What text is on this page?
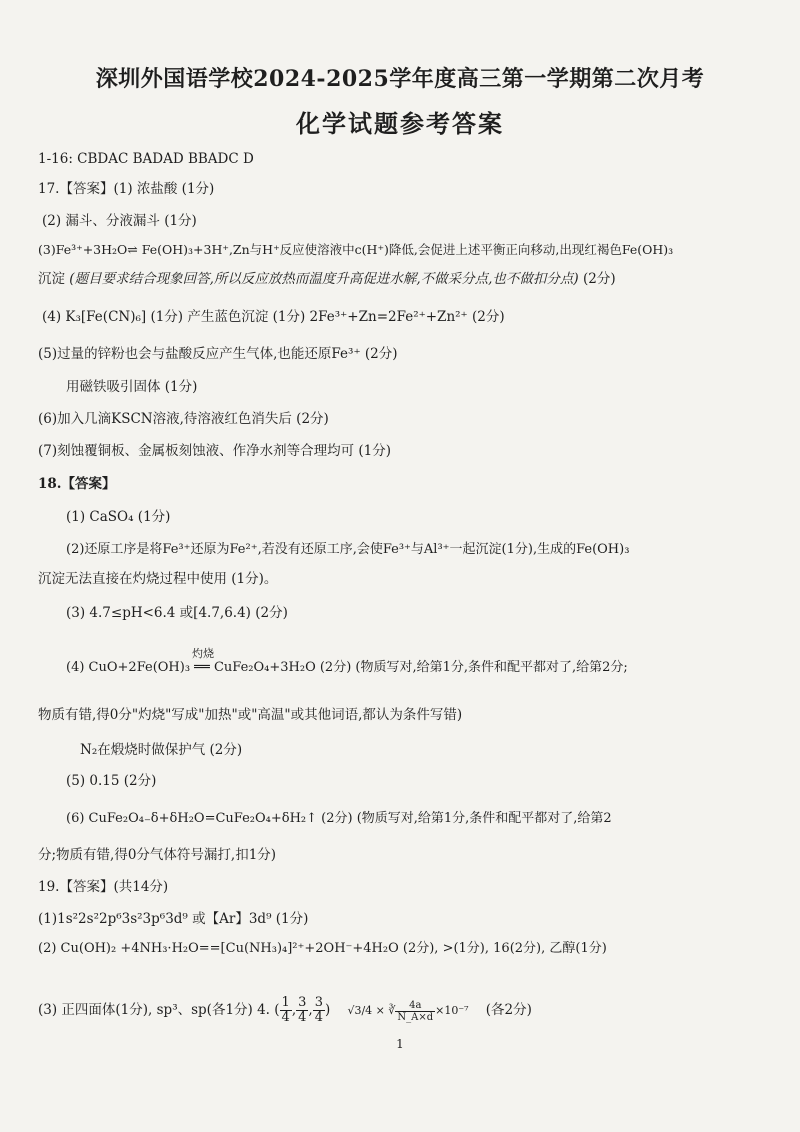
深圳外国语学校2024-2025学年度高三第一学期第二次月考
化学试题参考答案
1-16: CBDAC BADAD BBADC D
17.【答案】(1) 浓盐酸 (1分)
(2) 漏斗、分液漏斗 (1分)
(3)Fe³⁺+3H₂O⇌ Fe(OH)₃+3H⁺,Zn与H⁺反应使溶液中c(H⁺)降低,会促进上述平衡正向移动,出现红褐色Fe(OH)₃
沉淀 (题目要求结合现象回答,所以反应放热而温度升高促进水解,不做采分点,也不做扣分点) (2分)
(4) K₃[Fe(CN)₆] (1分) 产生蓝色沉淀 (1分) 2Fe³⁺+Zn=2Fe²⁺+Zn²⁺ (2分)
(5)过量的锌粉也会与盐酸反应产生气体,也能还原Fe³⁺ (2分)
用磁铁吸引固体 (1分)
(6)加入几滴KSCN溶液,待溶液红色消失后 (2分)
(7)刻蚀覆铜板、金属板刻蚀液、作净水剂等合理均可 (1分)
18.【答案】
(1) CaSO₄ (1分)
(2)还原工序是将Fe³⁺还原为Fe²⁺,若没有还原工序,会使Fe³⁺与Al³⁺一起沉淀(1分),生成的Fe(OH)₃
沉淀无法直接在灼烧过程中使用 (1分)。
(3) 4.7≤pH<6.4 或[4.7,6.4) (2分)
灼烧
(4) CuO+2Fe(OH)₃ ══ CuFe₂O₄+3H₂O (2分) (物质写对,给第1分,条件和配平都对了,给第2分;
物质有错,得0分"灼烧"写成"加热"或"高温"或其他词语,都认为条件写错)
N₂在煅烧时做保护气 (2分)
(5) 0.15 (2分)
(6) CuFe₂O₄₋δ+δH₂O=CuFe₂O₄+δH₂↑ (2分) (物质写对,给第1分,条件和配平都对了,给第2
分;物质有错,得0分气体符号漏打,扣1分)
19.【答案】(共14分)
(1)1s²2s²2p⁶3s²3p⁶3d⁹ 或【Ar】3d⁹ (1分)
(2) Cu(OH)₂ +4NH₃·H₂O==[Cu(NH₃)₄]²⁺+2OH⁻+4H₂O (2分), >(1分), 16(2分), 乙醇(1分)
(3) 正四面体(1分), sp³、sp(各1分) 4. ( $\frac{1}{4}$ , $\frac{3}{4}$ , $\frac{3}{4}$ ) √3/4 × ∛ $\frac{4a}{N\_A\times d} \times 10^{-7}$ (各2分)
1
